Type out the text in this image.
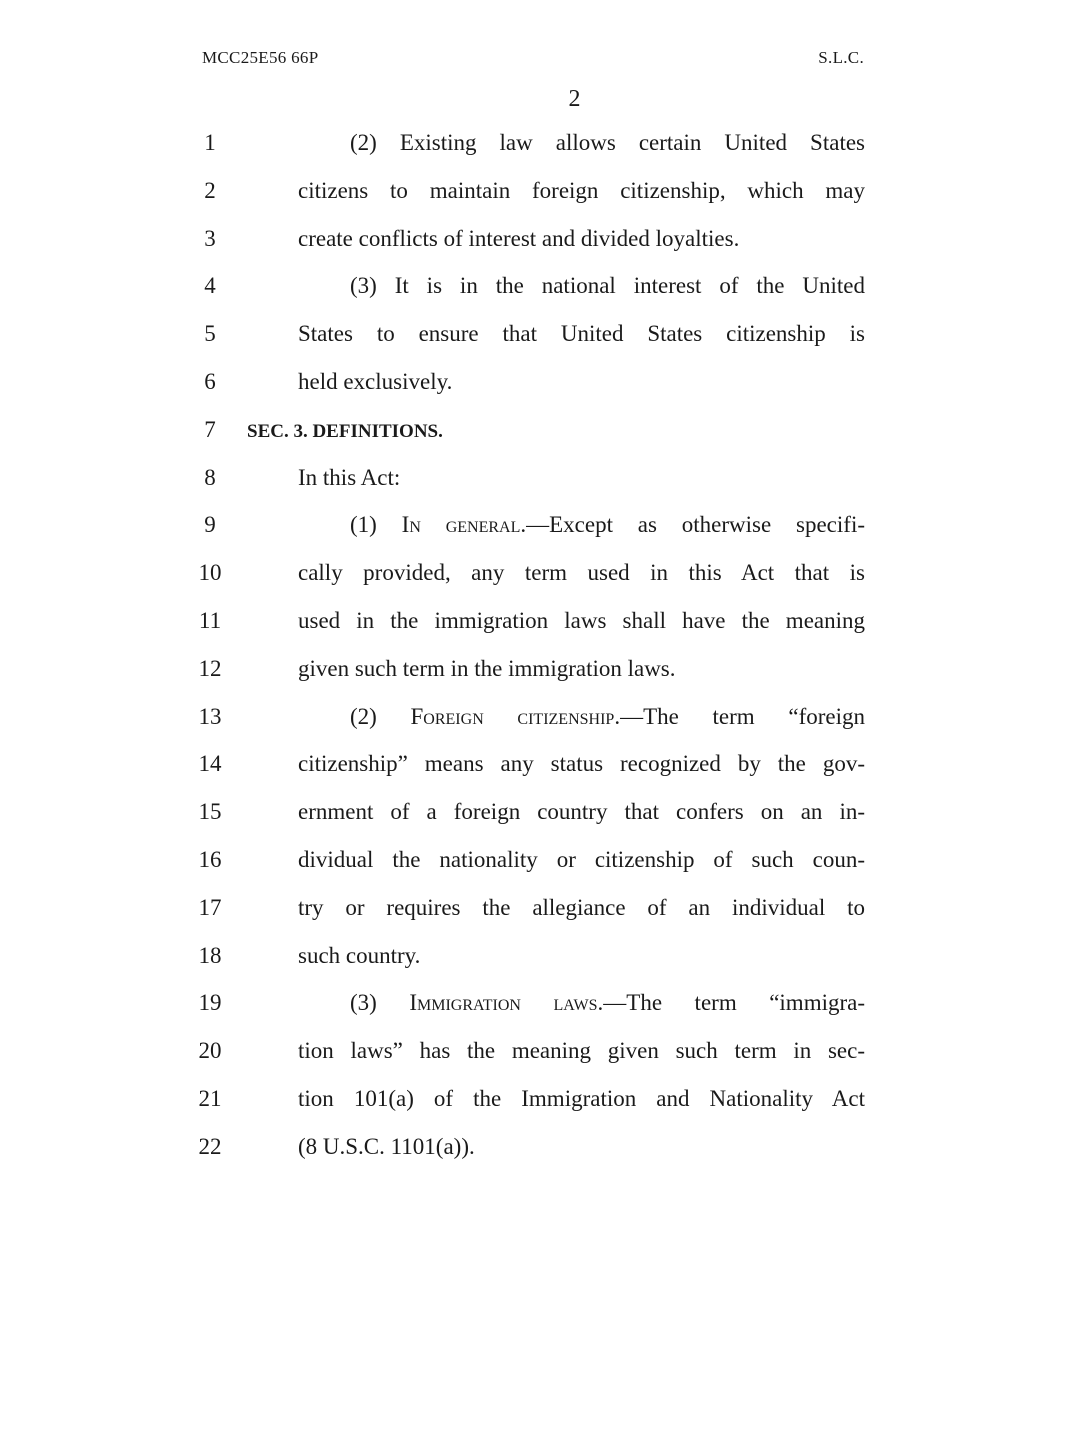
MCC25E56 66P	S.L.C.
2
1	(2) Existing law allows certain United States
2	citizens to maintain foreign citizenship, which may
3	create conflicts of interest and divided loyalties.
4	(3) It is in the national interest of the United
5	States to ensure that United States citizenship is
6	held exclusively.
7	SEC. 3. DEFINITIONS.
8	In this Act:
9	(1) In general.—Except as otherwise specifi-
10	cally provided, any term used in this Act that is
11	used in the immigration laws shall have the meaning
12	given such term in the immigration laws.
13	(2) Foreign citizenship.—The term “foreign
14	citizenship” means any status recognized by the gov-
15	ernment of a foreign country that confers on an in-
16	dividual the nationality or citizenship of such coun-
17	try or requires the allegiance of an individual to
18	such country.
19	(3) Immigration laws.—The term “immigra-
20	tion laws” has the meaning given such term in sec-
21	tion 101(a) of the Immigration and Nationality Act
22	(8 U.S.C. 1101(a)).
